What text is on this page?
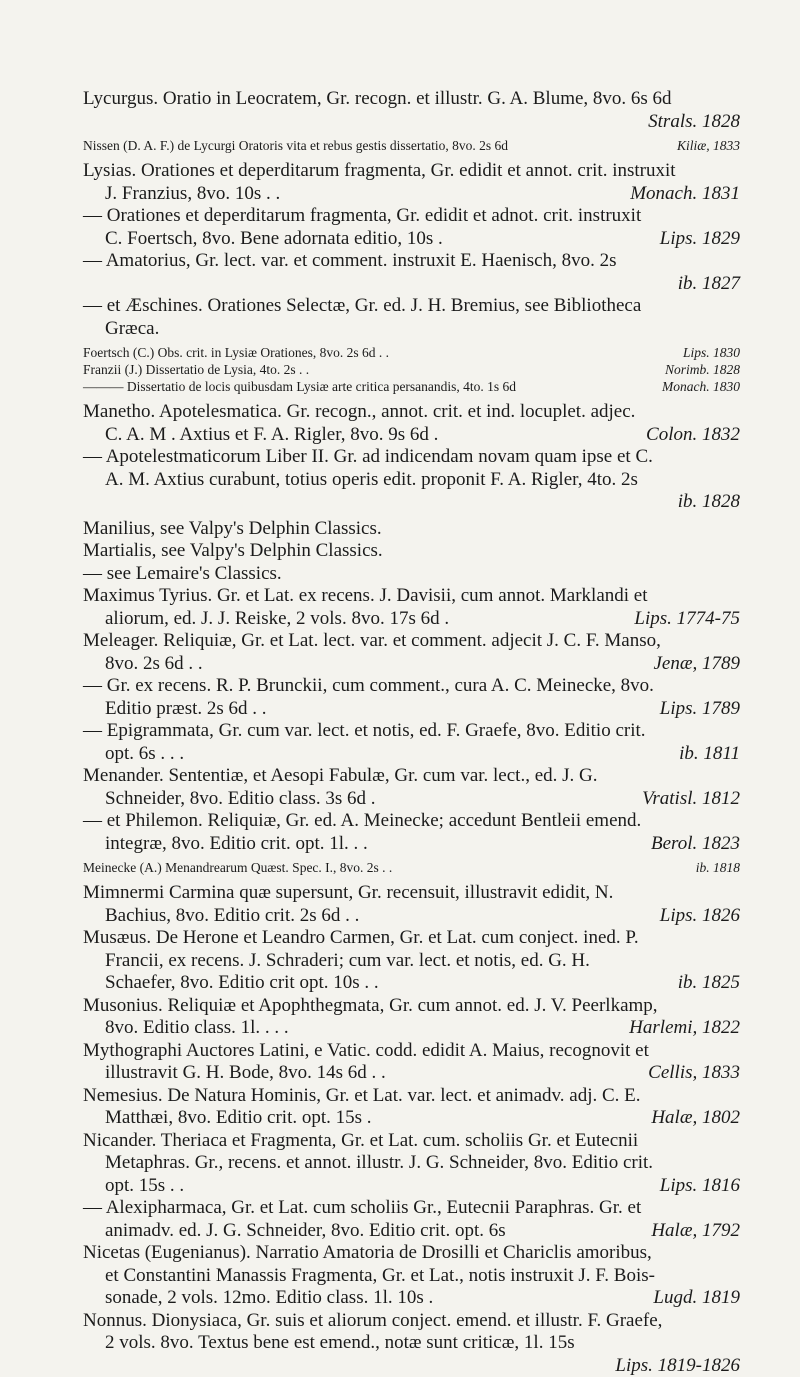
Lycurgus. Oratio in Leocratem, Gr. recogn. et illustr. G. A. Blume, 8vo. 6s 6d
Strals. 1828
Nissen (D. A. F.) de Lycurgi Oratoris vita et rebus gestis dissertatio, 8vo. 2s 6d	Kiliæ, 1833
Lysias. Orationes et deperditarum fragmenta, Gr. edidit et annot. crit. instruxit
J. Franzius, 8vo. 10s . .	Monach. 1831
— Orationes et deperditarum fragmenta, Gr. edidit et adnot. crit. instruxit
C. Foertsch, 8vo. Bene adornata editio, 10s .	Lips. 1829
— Amatorius, Gr. lect. var. et comment. instruxit E. Haenisch, 8vo. 2s
ib. 1827
— et Æschines. Orationes Selectæ, Gr. ed. J. H. Bremius, see Bibliotheca
Græca.
Foertsch (C.) Obs. crit. in Lysiæ Orationes, 8vo. 2s 6d . .	Lips. 1830
Franzii (J.) Dissertatio de Lysia, 4to. 2s . .	Norimb. 1828
——— Dissertatio de locis quibusdam Lysiæ arte critica persanandis, 4to. 1s 6d	Monach. 1830
Manetho. Apotelesmatica. Gr. recogn., annot. crit. et ind. locuplet. adjec.
C. A. M . Axtius et F. A. Rigler, 8vo. 9s 6d .	Colon. 1832
— Apotelestmaticorum Liber II. Gr. ad indicendam novam quam ipse et C.
A. M. Axtius curabunt, totius operis edit. proponit F. A. Rigler, 4to. 2s
ib. 1828
Manilius, see Valpy's Delphin Classics.
Martialis, see Valpy's Delphin Classics.
— see Lemaire's Classics.
Maximus Tyrius. Gr. et Lat. ex recens. J. Davisii, cum annot. Marklandi et
aliorum, ed. J. J. Reiske, 2 vols. 8vo. 17s 6d .	Lips. 1774-75
Meleager. Reliquiæ, Gr. et Lat. lect. var. et comment. adjecit J. C. F. Manso,
8vo. 2s 6d . .	Jenæ, 1789
— Gr. ex recens. R. P. Brunckii, cum comment., cura A. C. Meinecke, 8vo.
Editio præst. 2s 6d . .	Lips. 1789
— Epigrammata, Gr. cum var. lect. et notis, ed. F. Graefe, 8vo. Editio crit.
opt. 6s . . .	ib. 1811
Menander. Sententiæ, et Aesopi Fabulæ, Gr. cum var. lect., ed. J. G.
Schneider, 8vo. Editio class. 3s 6d .	Vratisl. 1812
— et Philemon. Reliquiæ, Gr. ed. A. Meinecke; accedunt Bentleii emend.
integræ, 8vo. Editio crit. opt. 1l. . .	Berol. 1823
Meinecke (A.) Menandrearum Quæst. Spec. I., 8vo. 2s . .	ib. 1818
Mimnermi Carmina quæ supersunt, Gr. recensuit, illustravit edidit, N.
Bachius, 8vo. Editio crit. 2s 6d . .	Lips. 1826
Musæus. De Herone et Leandro Carmen, Gr. et Lat. cum conject. ined. P.
Francii, ex recens. J. Schraderi; cum var. lect. et notis, ed. G. H.
Schaefer, 8vo. Editio crit opt. 10s . .	ib. 1825
Musonius. Reliquiæ et Apophthegmata, Gr. cum annot. ed. J. V. Peerlkamp,
8vo. Editio class. 1l. . . .	Harlemi, 1822
Mythographi Auctores Latini, e Vatic. codd. edidit A. Maius, recognovit et
illustravit G. H. Bode, 8vo. 14s 6d . .	Cellis, 1833
Nemesius. De Natura Hominis, Gr. et Lat. var. lect. et animadv. adj. C. E.
Matthæi, 8vo. Editio crit. opt. 15s .	Halæ, 1802
Nicander. Theriaca et Fragmenta, Gr. et Lat. cum. scholiis Gr. et Eutecnii
Metaphras. Gr., recens. et annot. illustr. J. G. Schneider, 8vo. Editio crit.
opt. 15s . .	Lips. 1816
— Alexipharmaca, Gr. et Lat. cum scholiis Gr., Eutecnii Paraphras. Gr. et
animadv. ed. J. G. Schneider, 8vo. Editio crit. opt. 6s	Halæ, 1792
Nicetas (Eugenianus). Narratio Amatoria de Drosilli et Chariclis amoribus,
et Constantini Manassis Fragmenta, Gr. et Lat., notis instruxit J. F. Bois-
sonade, 2 vols. 12mo. Editio class. 1l. 10s .	Lugd. 1819
Nonnus. Dionysiaca, Gr. suis et aliorum conject. emend. et illustr. F. Graefe,
2 vols. 8vo. Textus bene est emend., notæ sunt criticæ, 1l. 15s
Lips. 1819-1826
